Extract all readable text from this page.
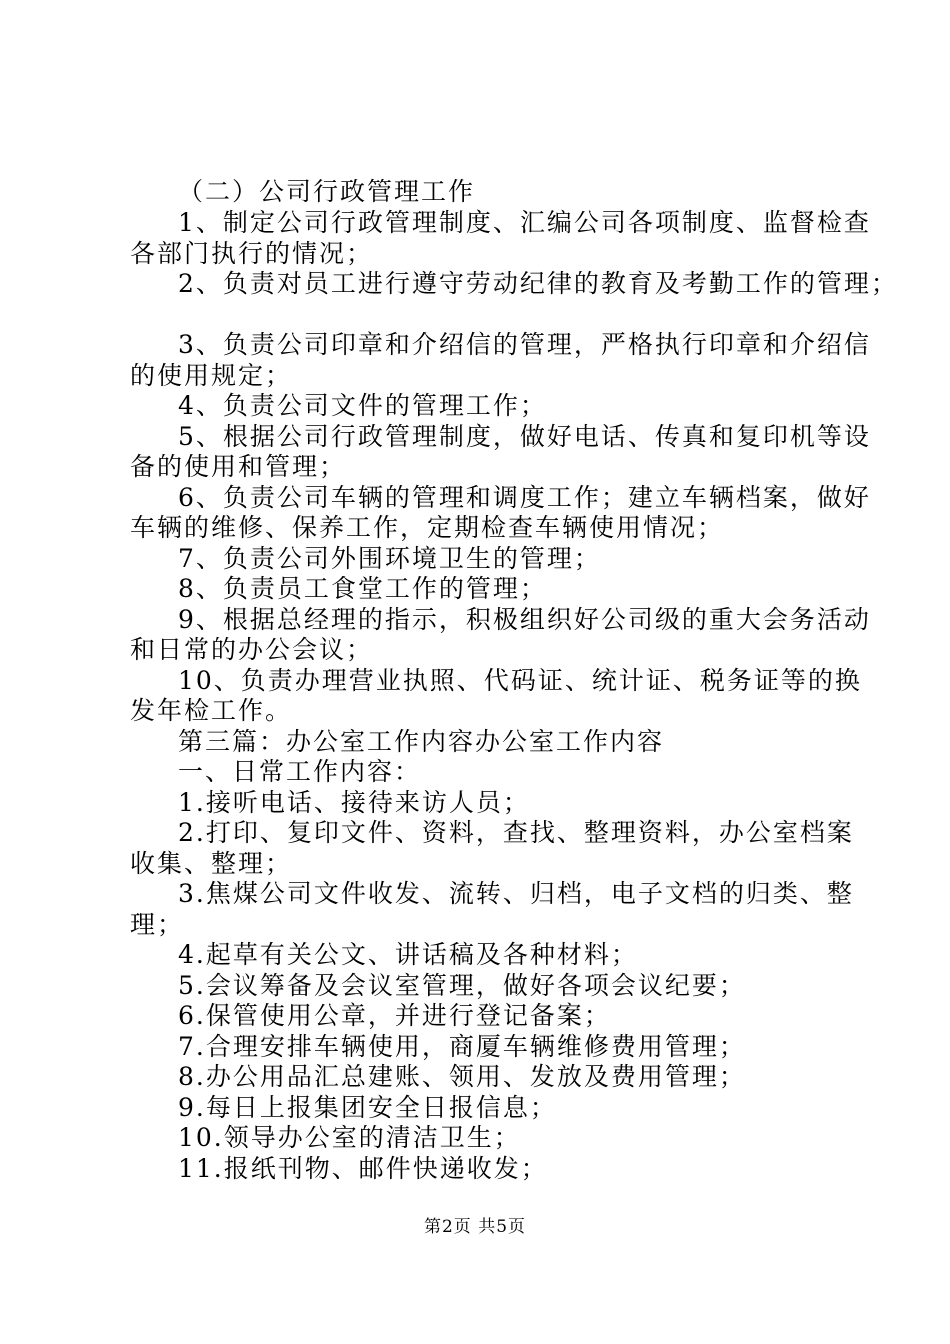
（二）公司行政管理工作
1、制定公司行政管理制度、汇编公司各项制度、监督检查
各部门执行的情况；
2、负责对员工进行遵守劳动纪律的教育及考勤工作的管理；
3、负责公司印章和介绍信的管理，严格执行印章和介绍信
的使用规定；
4、负责公司文件的管理工作；
5、根据公司行政管理制度，做好电话、传真和复印机等设
备的使用和管理；
6、负责公司车辆的管理和调度工作；建立车辆档案，做好
车辆的维修、保养工作，定期检查车辆使用情况；
7、负责公司外围环境卫生的管理；
8、负责员工食堂工作的管理；
9、根据总经理的指示，积极组织好公司级的重大会务活动
和日常的办公会议；
10、负责办理营业执照、代码证、统计证、税务证等的换
发年检工作。
第三篇：办公室工作内容办公室工作内容
一、日常工作内容：
1.接听电话、接待来访人员；
2.打印、复印文件、资料，查找、整理资料，办公室档案
收集、整理；
3.焦煤公司文件收发、流转、归档，电子文档的归类、整
理；
4.起草有关公文、讲话稿及各种材料；
5.会议筹备及会议室管理，做好各项会议纪要；
6.保管使用公章，并进行登记备案；
7.合理安排车辆使用，商厦车辆维修费用管理；
8.办公用品汇总建账、领用、发放及费用管理；
9.每日上报集团安全日报信息；
10.领导办公室的清洁卫生；
11.报纸刊物、邮件快递收发；
第2页 共5页
